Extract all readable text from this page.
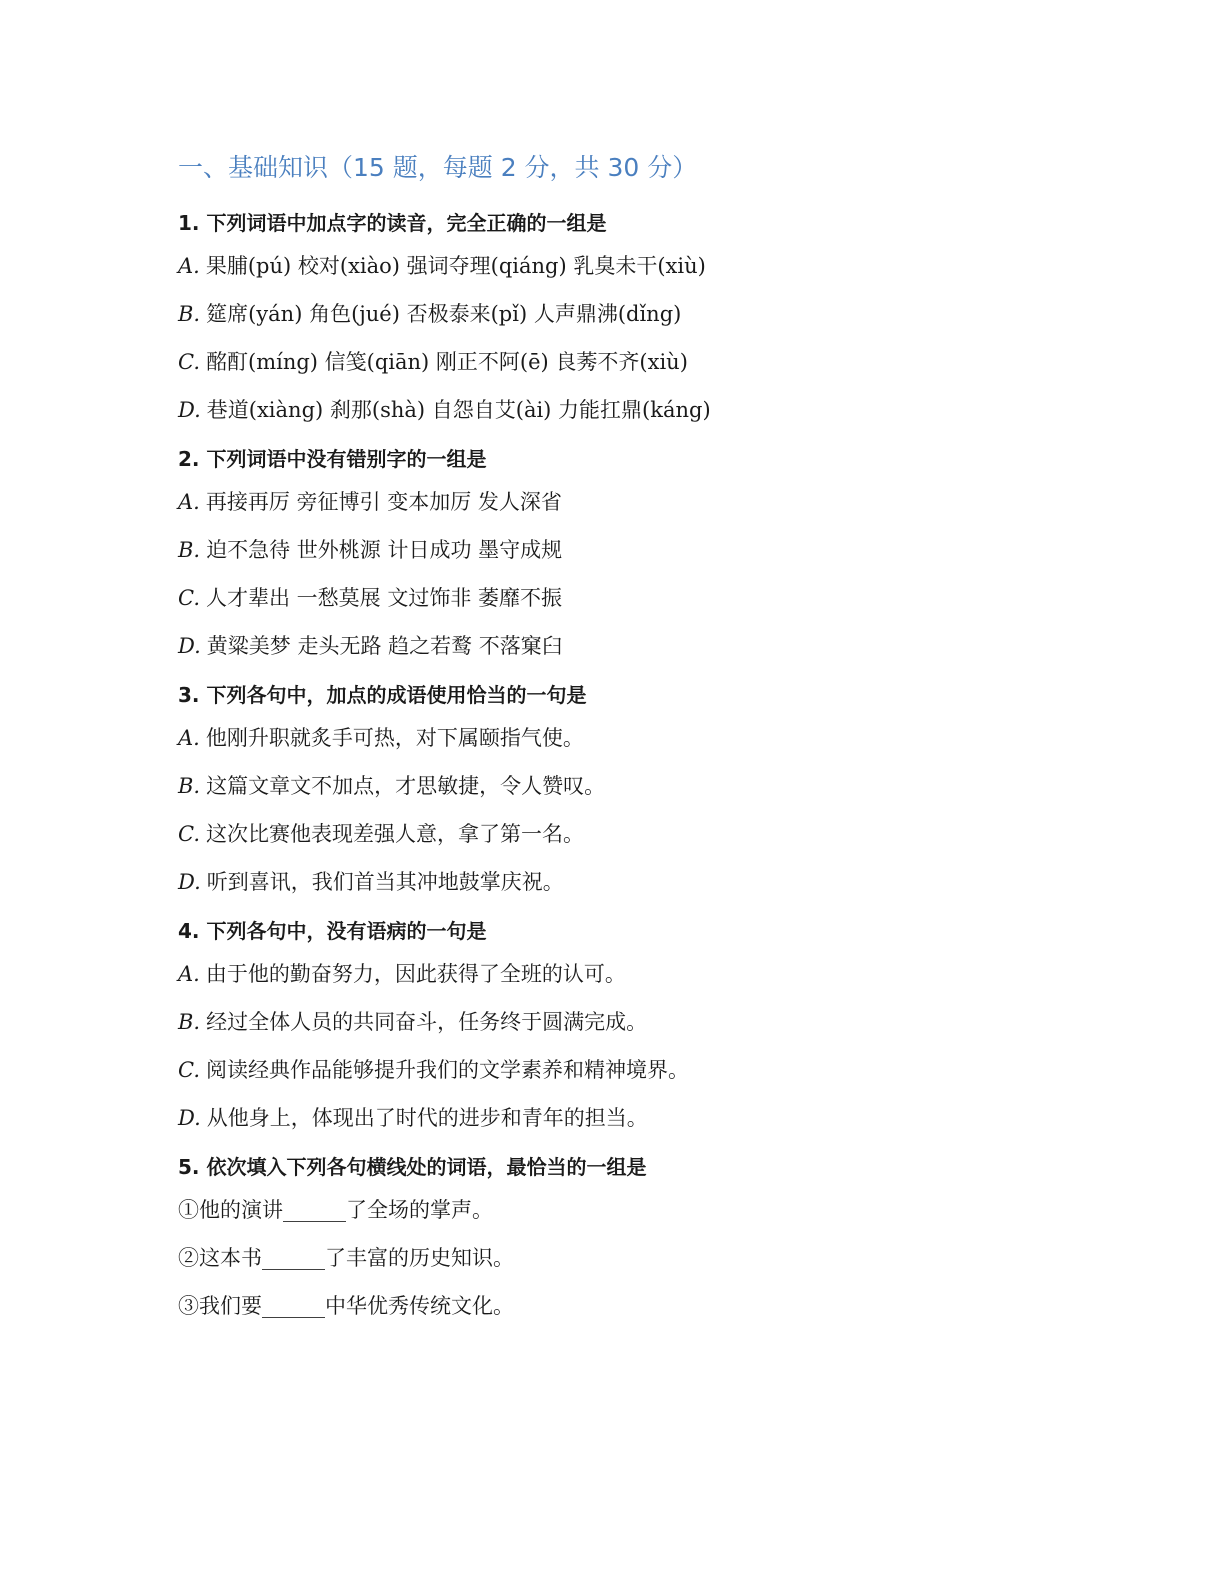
一、基础知识（15 题，每题 2 分，共 30 分）
1. 下列词语中加点字的读音，完全正确的一组是
A. 果脯(pú) 校对(xiào) 强词夺理(qiáng) 乳臭未干(xiù)
B. 筵席(yán) 角色(jué) 否极泰来(pǐ) 人声鼎沸(dǐng)
C. 酩酊(míng) 信笺(qiān) 刚正不阿(ē) 良莠不齐(xiù)
D. 巷道(xiàng) 刹那(shà) 自怨自艾(ài) 力能扛鼎(káng)
2. 下列词语中没有错别字的一组是
A. 再接再厉 旁征博引 变本加厉 发人深省
B. 迫不急待 世外桃源 计日成功 墨守成规
C. 人才辈出 一愁莫展 文过饰非 萎靡不振
D. 黄粱美梦 走头无路 趋之若鹜 不落窠臼
3. 下列各句中，加点的成语使用恰当的一句是
A. 他刚升职就炙手可热，对下属颐指气使。
B. 这篇文章文不加点，才思敏捷，令人赞叹。
C. 这次比赛他表现差强人意，拿了第一名。
D. 听到喜讯，我们首当其冲地鼓掌庆祝。
4. 下列各句中，没有语病的一句是
A. 由于他的勤奋努力，因此获得了全班的认可。
B. 经过全体人员的共同奋斗，任务终于圆满完成。
C. 阅读经典作品能够提升我们的文学素养和精神境界。
D. 从他身上，体现出了时代的进步和青年的担当。
5. 依次填入下列各句横线处的词语，最恰当的一组是
①他的演讲______了全场的掌声。
②这本书______了丰富的历史知识。
③我们要______中华优秀传统文化。
